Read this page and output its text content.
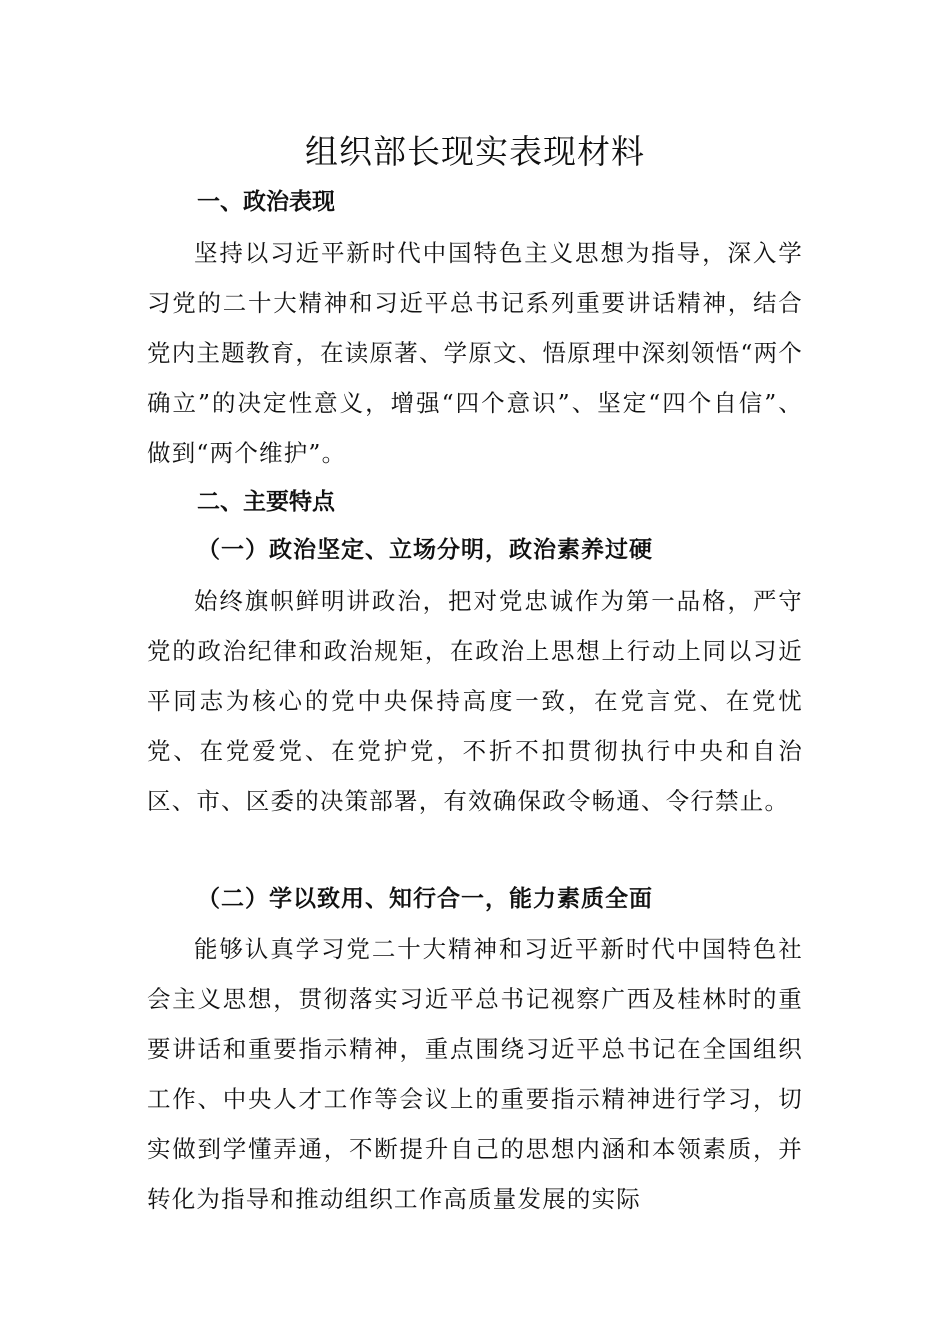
组织部长现实表现材料
一、政治表现

坚持以习近平新时代中国特色主义思想为指导，深入学习党的二十大精神和习近平总书记系列重要讲话精神，结合党内主题教育，在读原著、学原文、悟原理中深刻领悟“两个确立”的决定性意义，增强“四个意识”、坚定“四个自信”、做到“两个维护”。

二、主要特点
（一）政治坚定、立场分明，政治素养过硬

始终旗帜鲜明讲政治，把对党忠诚作为第一品格，严守党的政治纪律和政治规矩，在政治上思想上行动上同以习近平同志为核心的党中央保持高度一致，在党言党、在党忧党、在党爱党、在党护党，不折不扣贯彻执行中央和自治区、市、区委的决策部署，有效确保政令畅通、令行禁止。

（二）学以致用、知行合一，能力素质全面

能够认真学习党二十大精神和习近平新时代中国特色社会主义思想，贯彻落实习近平总书记视察广西及桂林时的重要讲话和重要指示精神，重点围绕习近平总书记在全国组织工作、中央人才工作等会议上的重要指示精神进行学习，切实做到学懂弄通，不断提升自己的思想内涵和本领素质，并转化为指导和推动组织工作高质量发展的实际
